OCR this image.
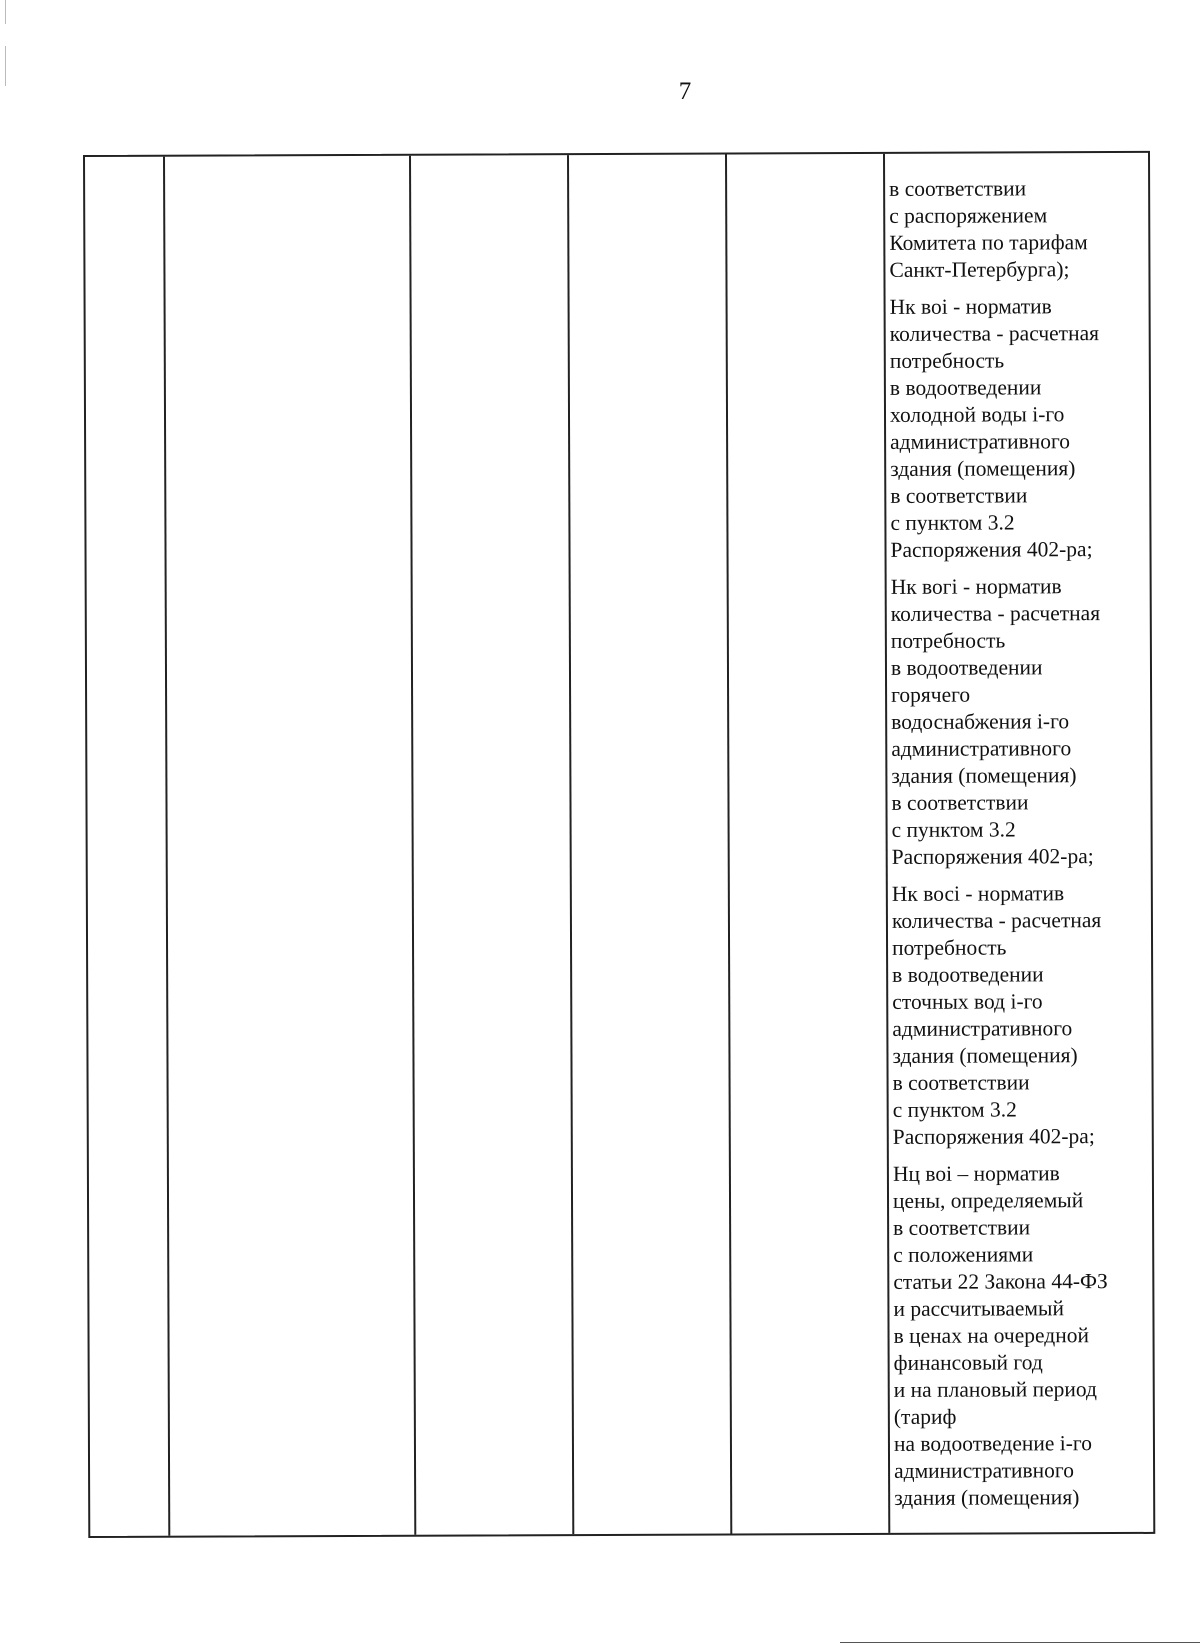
7

в соответствии
с распоряжением
Комитета по тарифам
Санкт-Петербурга);

Нк воі - норматив
количества - расчетная
потребность
в водоотведении
холодной воды i-го
административного
здания (помещения)
в соответствии
с пунктом 3.2
Распоряжения 402-ра;

Нк вогі - норматив
количества - расчетная
потребность
в водоотведении
горячего
водоснабжения i-го
административного
здания (помещения)
в соответствии
с пунктом 3.2
Распоряжения 402-ра;

Нк восі - норматив
количества - расчетная
потребность
в водоотведении
сточных вод i-го
административного
здания (помещения)
в соответствии
с пунктом 3.2
Распоряжения 402-ра;

Нц воі – норматив
цены, определяемый
в соответствии
с положениями
статьи 22 Закона 44-ФЗ
и рассчитываемый
в ценах на очередной
финансовый год
и на плановый период
(тариф
на водоотведение i-го
административного
здания (помещения)
